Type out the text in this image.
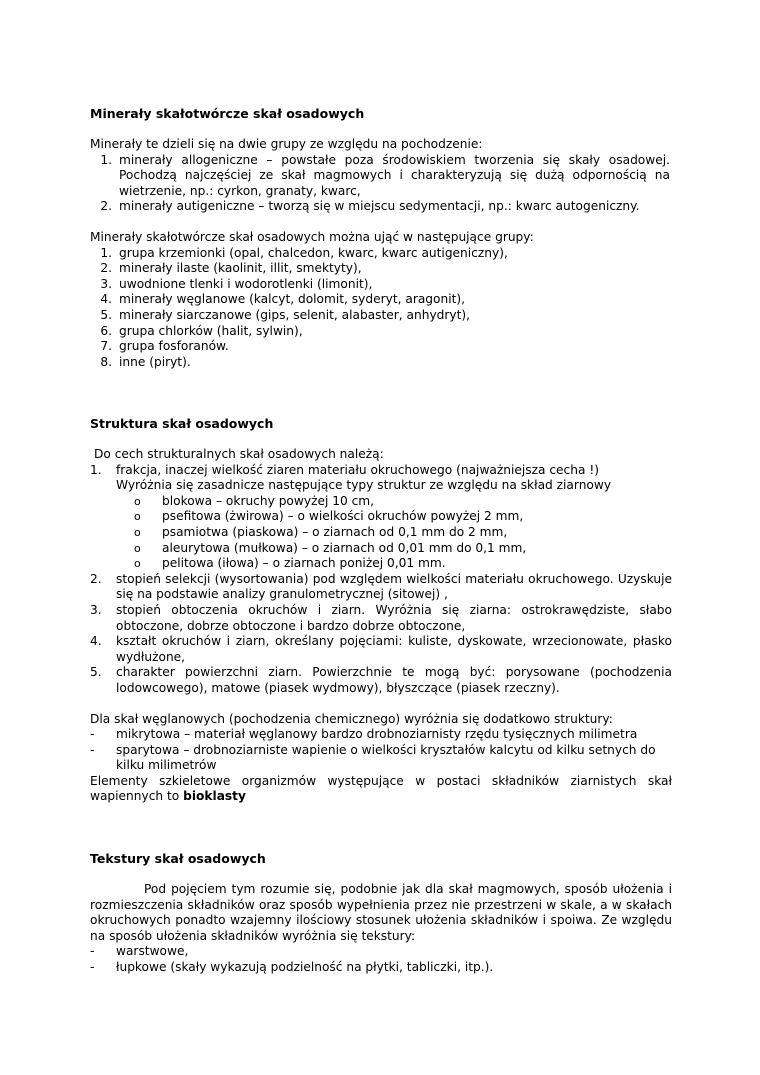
Minerały skałotwórcze skał osadowych

Minerały te dzieli się na dwie grupy ze względu na pochodzenie:

1. minerały allogeniczne – powstałe poza środowiskiem tworzenia się skały osadowej. Pochodzą najczęściej ze skał magmowych i charakteryzują się dużą odpornością na wietrzenie, np.: cyrkon, granaty, kwarc,
2. minerały autigeniczne – tworzą się w miejscu sedymentacji, np.: kwarc autogeniczny.

Minerały skałotwórcze skał osadowych można ująć w następujące grupy:

1. grupa krzemionki (opal, chalcedon, kwarc, kwarc autigeniczny),
2. minerały ilaste (kaolinit, illit, smektyty),
3. uwodnione tlenki i wodorotlenki (limonit),
4. minerały węglanowe (kalcyt, dolomit, syderyt, aragonit),
5. minerały siarczanowe (gips, selenit, alabaster, anhydryt),
6. grupa chlorków (halit, sylwin),
7. grupa fosforanów.
8. inne (piryt).
Struktura skał osadowych

Do cech strukturalnych skał osadowych należą:

1.	frakcja, inaczej wielkość ziaren materiału okruchowego (najważniejsza cecha !)

Wyróżnia się zasadnicze następujące typy struktur ze względu na skład ziarnowy

o	blokowa – okruchy powyżej 10 cm,
o	psefitowa (żwirowa) – o wielkości okruchów powyżej 2 mm,
o	psamiotwa (piaskowa) – o ziarnach od 0,1 mm do 2 mm,
o	aleurytowa (mułkowa) – o ziarnach od 0,01 mm do 0,1 mm,
o	pelitowa (iłowa) – o ziarnach poniżej 0,01 mm.
2.	stopień selekcji (wysortowania) pod względem wielkości materiału okruchowego. Uzyskuje się na podstawie analizy granulometrycznej (sitowej) ,
3.	stopień obtoczenia okruchów i ziarn. Wyróżnia się ziarna: ostrokrawędziste, słabo obtoczone, dobrze obtoczone i bardzo dobrze obtoczone,
4.	kształt okruchów i ziarn, określany pojęciami: kuliste, dyskowate, wrzecionowate, płasko wydłużone,
5.	charakter powierzchni ziarn. Powierzchnie te mogą być: porysowane (pochodzenia lodowcowego), matowe (piasek wydmowy), błyszczące (piasek rzeczny).

Dla skał węglanowych (pochodzenia chemicznego) wyróżnia się dodatkowo struktury:

-	mikrytowa – materiał węglanowy bardzo drobnoziarnisty rzędu tysięcznych milimetra
-	sparytowa – drobnoziarniste wapienie o wielkości kryształów kalcytu od kilku setnych do kilku milimetrów

Elementy szkieletowe organizmów występujące w postaci składników ziarnistych skał wapiennych to bioklasty

Tekstury skał osadowych

Pod pojęciem tym rozumie się, podobnie jak dla skał magmowych, sposób ułożenia i rozmieszczenia składników oraz sposób wypełnienia przez nie przestrzeni w skale, a w skałach okruchowych ponadto wzajemny ilościowy stosunek ułożenia składników i spoiwa. Ze względu na sposób ułożenia składników wyróżnia się tekstury:

-	warstwowe,
-	łupkowe (skały wykazują podzielność na płytki, tabliczki, itp.).
